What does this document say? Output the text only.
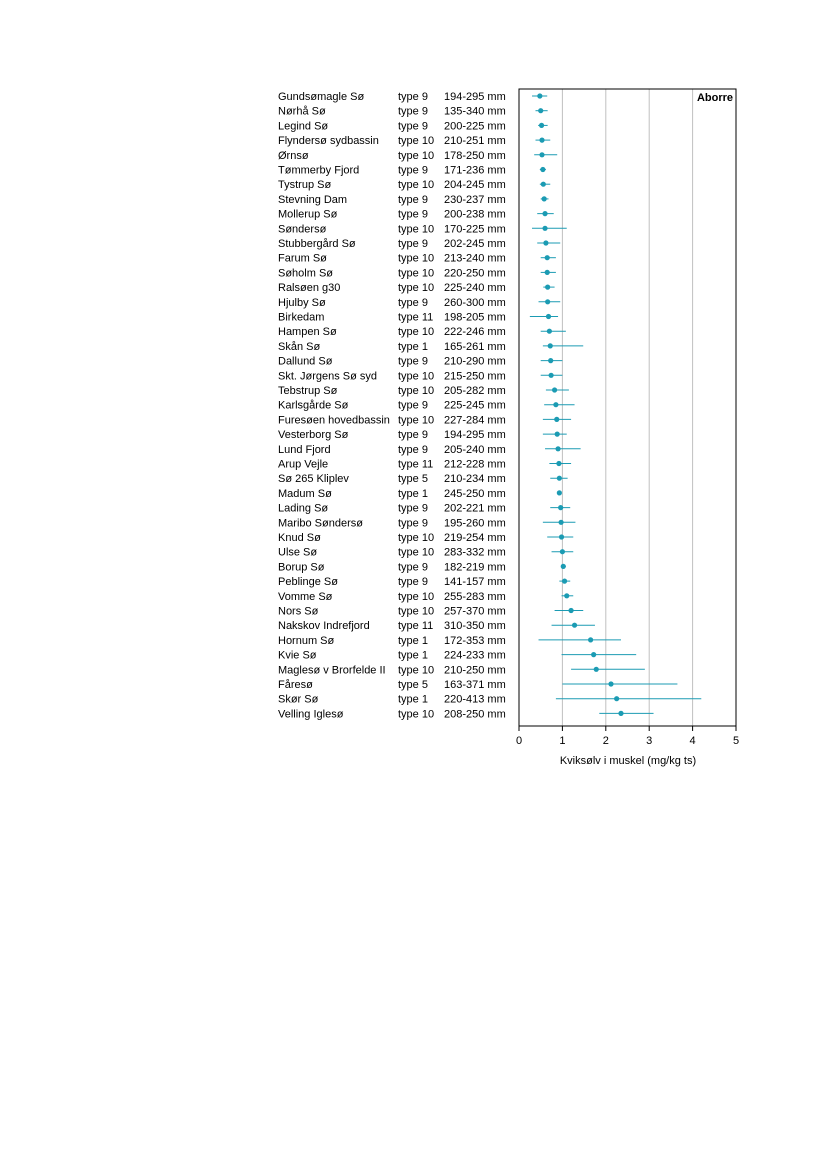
Aborre
Gundsømagle Sø	type 9 194-295 mm
Nørhå Sø	type 9 135-340 mm
Legind Sø	type 9 200-225 mm
Flyndersø sydbassin type 10 210-251 mm
Ørnsø	type 10 178-250 mm
Tømmerby Fjord	type 9 171-236 mm
Tystrup Sø	type 10 204-245 mm
Stevning Dam	type 9 230-237 mm
Mollerup Sø	type 9 200-238 mm
Søndersø	type 10 170-225 mm
Stubbergård Sø	type 9 202-245 mm
Farum Sø	type 10 213-240 mm
Søholm Sø	type 10 220-250 mm
Ralsøen g30	type 10 225-240 mm
Hjulby Sø	type 9 260-300 mm
Birkedam	type 11 198-205 mm
Hampen Sø	type 10 222-246 mm
Skån Sø	type 1 165-261 mm
Dallund Sø	type 9 210-290 mm
Skt. Jørgens Sø syd type 10 215-250 mm
Tebstrup Sø	type 10 205-282 mm
Karlsgårde Sø	type 9 225-245 mm
Furesøen hovedbassin type 10 227-284 mm
Vesterborg Sø	type 9 194-295 mm
Lund Fjord	type 9 205-240 mm
Arup Vejle	type 11 212-228 mm
Sø 265 Kliplev	type 5 210-234 mm
Madum Sø	type 1 245-250 mm
Lading Sø	type 9 202-221 mm
Maribo Søndersø	type 9 195-260 mm
Knud Sø	type 10 219-254 mm
Ulse Sø	type 10 283-332 mm
Borup Sø	type 9 182-219 mm
Peblinge Sø	type 9 141-157 mm
Vomme Sø	type 10 255-283 mm
Nors Sø	type 10 257-370 mm
Nakskov Indrefjord	type 11 310-350 mm
Hornum Sø	type 1 172-353 mm
Kvie Sø	type 1 224-233 mm
Maglesø v Brorfelde II type 10 210-250 mm
Fåresø	type 5 163-371 mm
Skør Sø	type 1 220-413 mm
Velling Iglesø	type 10 208-250 mm
0	1	2	3	4	5
Kviksølv i muskel (mg/kg ts)
